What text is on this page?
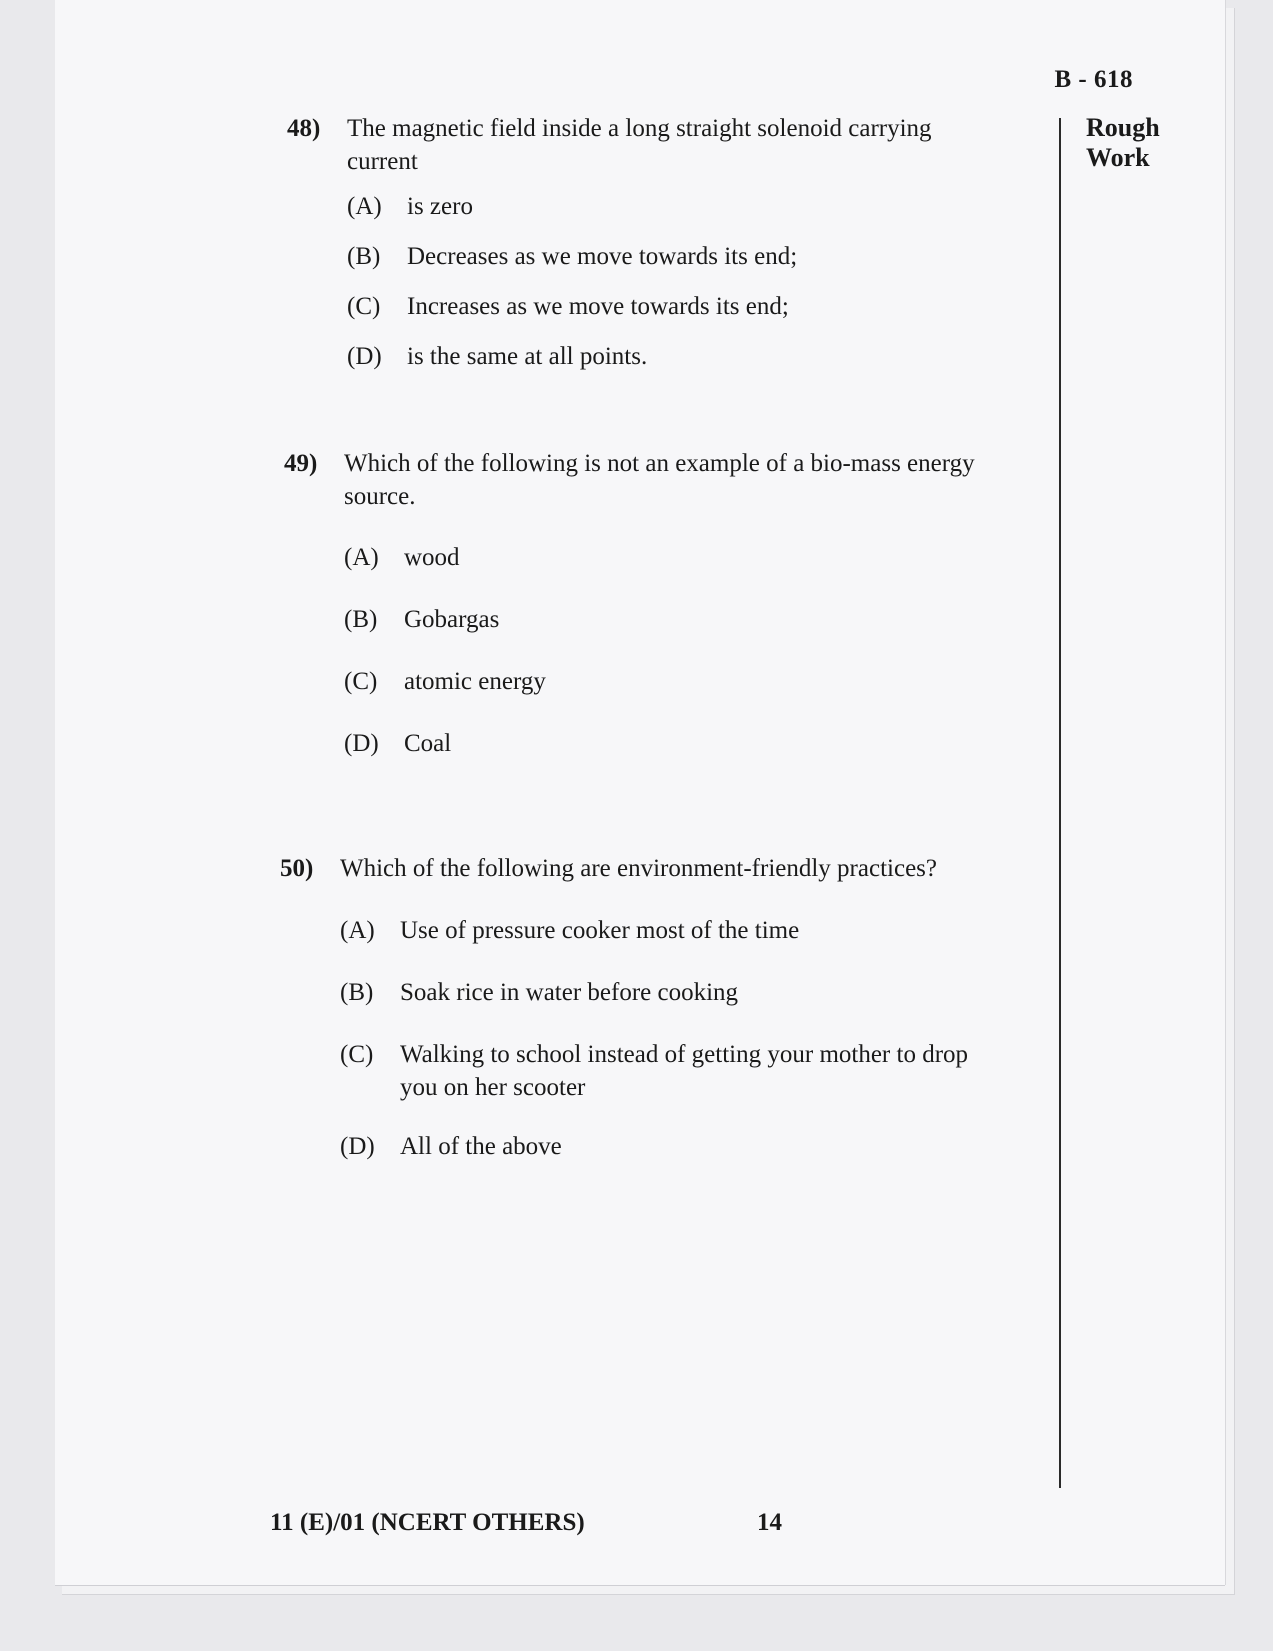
B - 618
Rough Work
48) The magnetic field inside a long straight solenoid carrying current
(A) is zero
(B) Decreases as we move towards its end;
(C) Increases as we move towards its end;
(D) is the same at all points.
49) Which of the following is not an example of a bio-mass energy source.
(A) wood
(B) Gobargas
(C) atomic energy
(D) Coal
50) Which of the following are environment-friendly practices?
(A) Use of pressure cooker most of the time
(B) Soak rice in water before cooking
(C) Walking to school instead of getting your mother to drop you on her scooter
(D) All of the above
11 (E)/01 (NCERT OTHERS)	14
